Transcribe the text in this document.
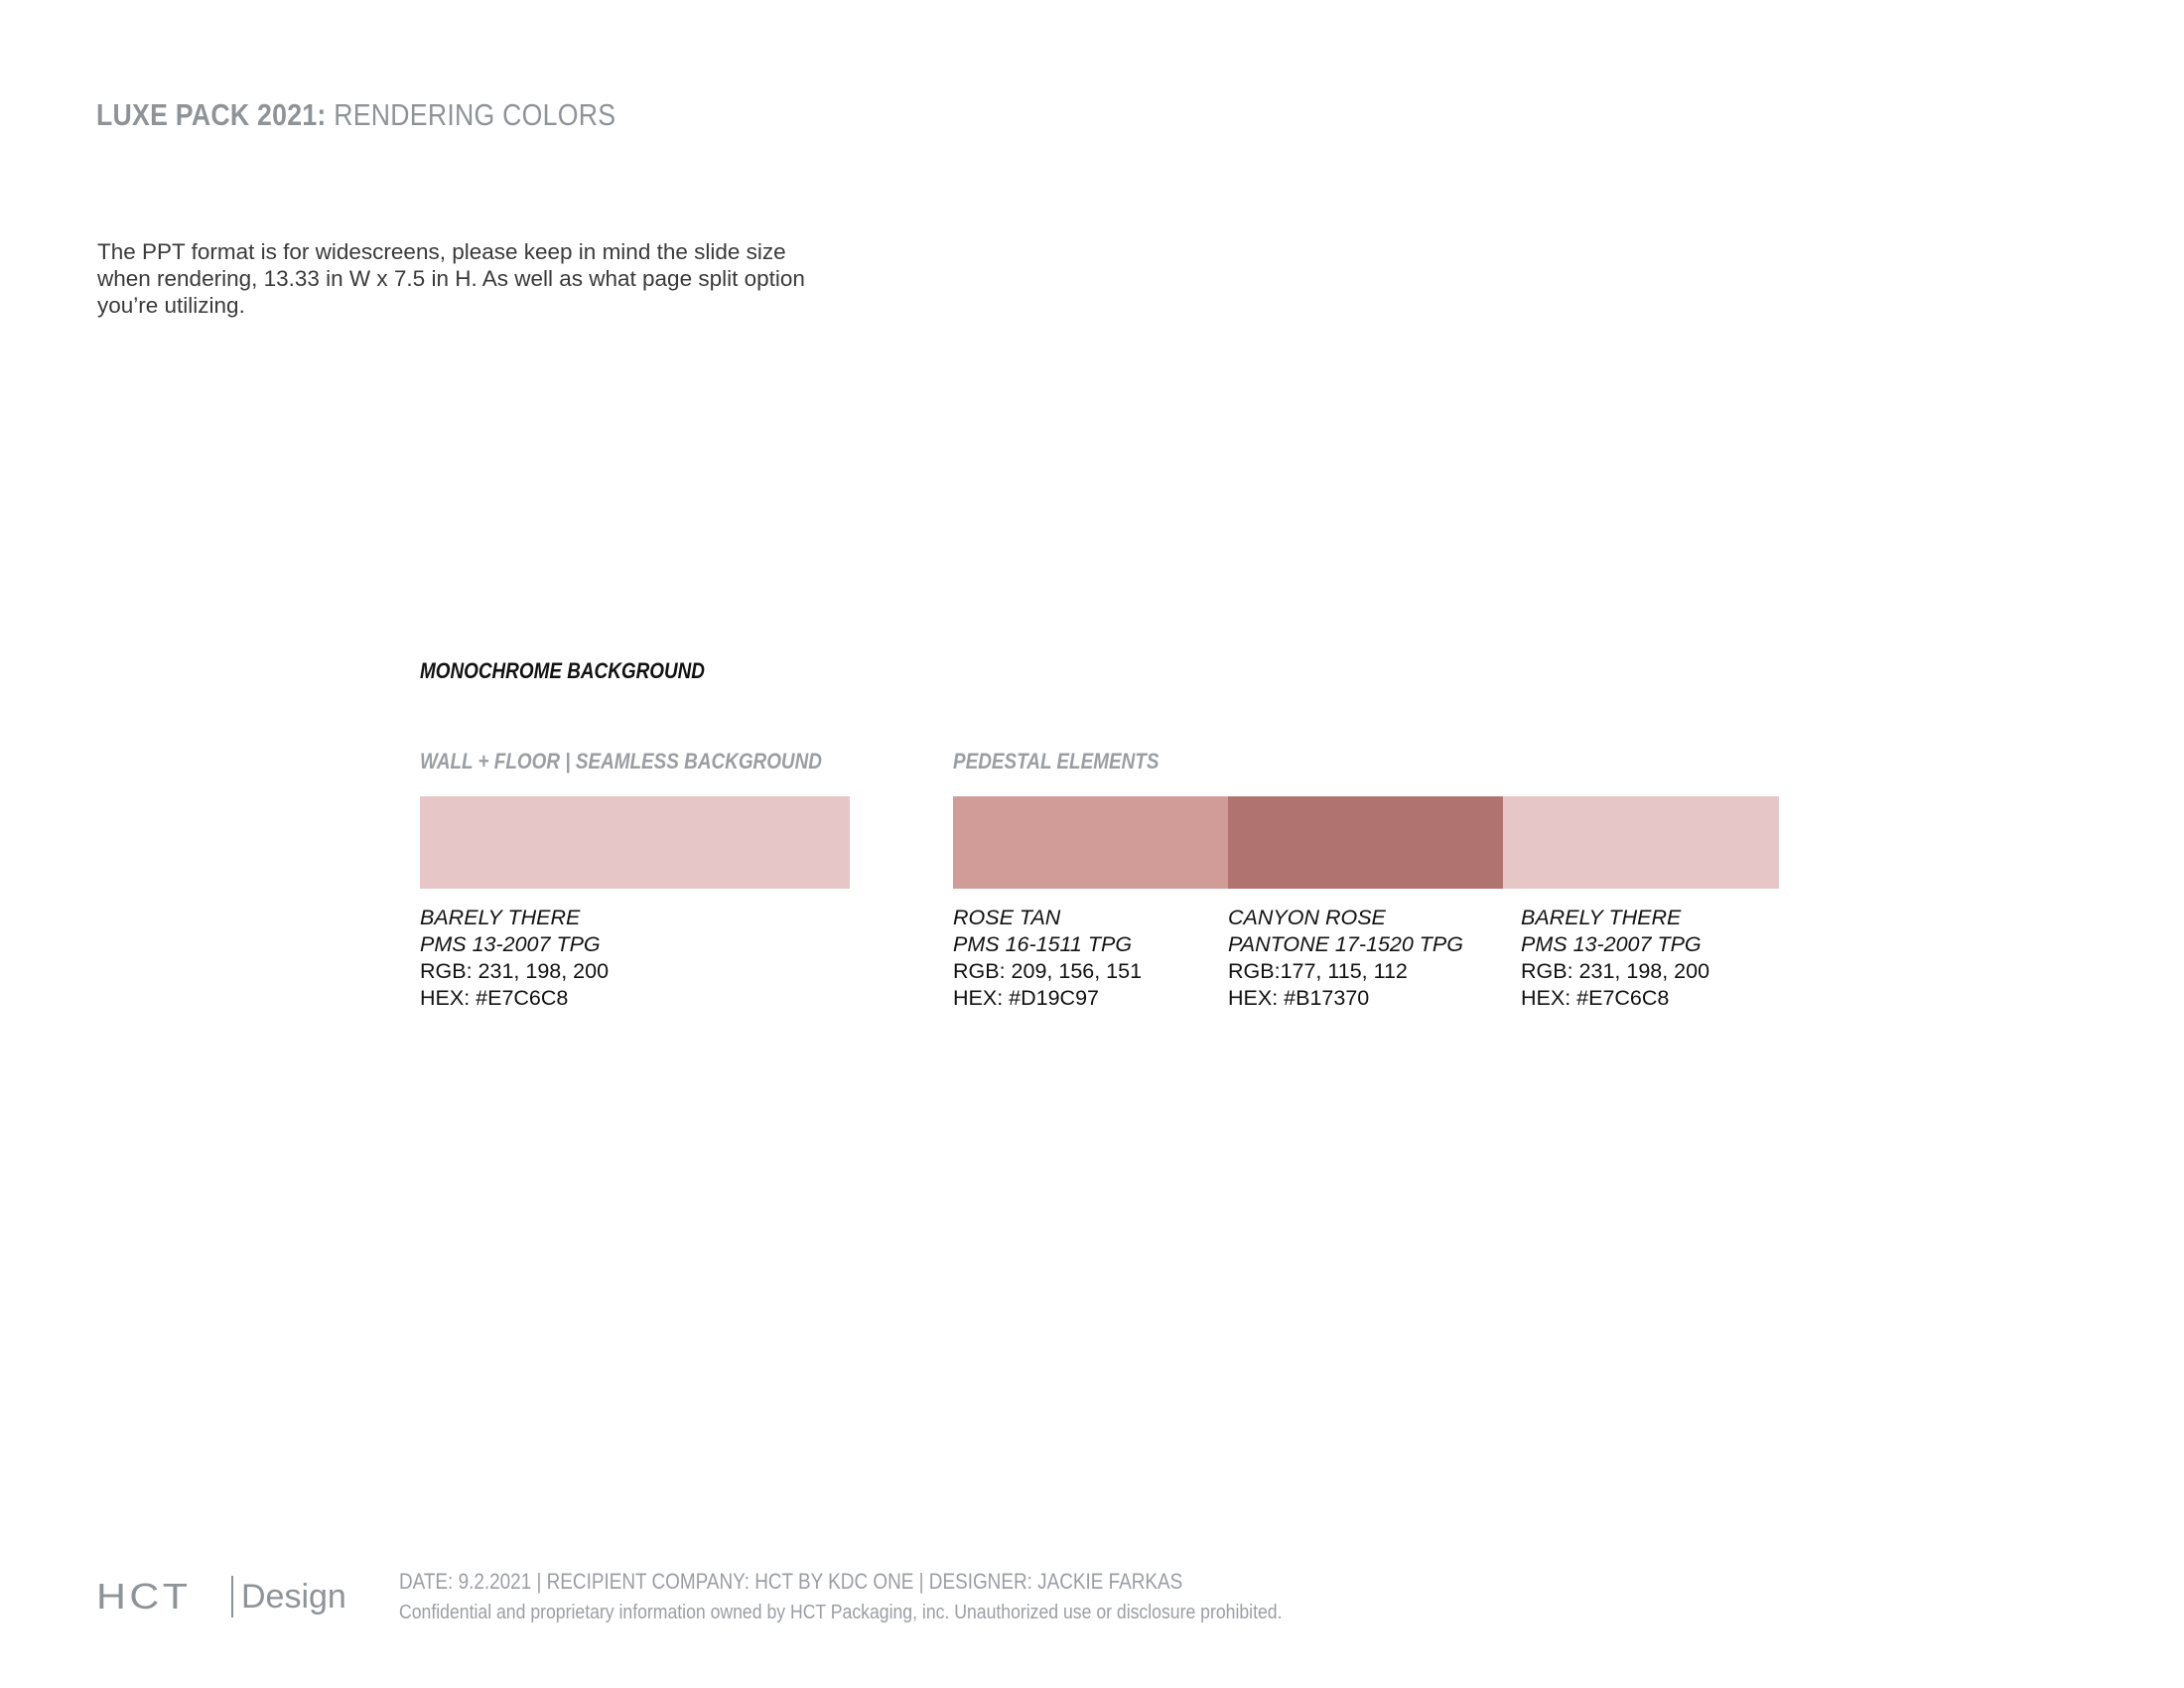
LUXE PACK 2021: RENDERING COLORS
The PPT format is for widescreens, please keep in mind the slide size when rendering, 13.33 in W x 7.5 in H. As well as what page split option you’re utilizing.
MONOCHROME BACKGROUND
WALL + FLOOR | SEAMLESS BACKGROUND	PEDESTAL ELEMENTS
BARELY THERE
PMS 13-2007 TPG
RGB: 231, 198, 200
HEX: #E7C6C8
ROSE TAN
PMS 16-1511 TPG
RGB: 209, 156, 151
HEX: #D19C97
CANYON ROSE
PANTONE 17-1520 TPG
RGB:177, 115, 112
HEX: #B17370
BARELY THERE
PMS 13-2007 TPG
RGB: 231, 198, 200
HEX: #E7C6C8
HCT	Design DATE: 9.2.2021 | RECIPIENT COMPANY: HCT BY KDC ONE | DESIGNER: JACKIE FARKAS
Confidential and proprietary information owned by HCT Packaging, inc. Unauthorized use or disclosure prohibited.
